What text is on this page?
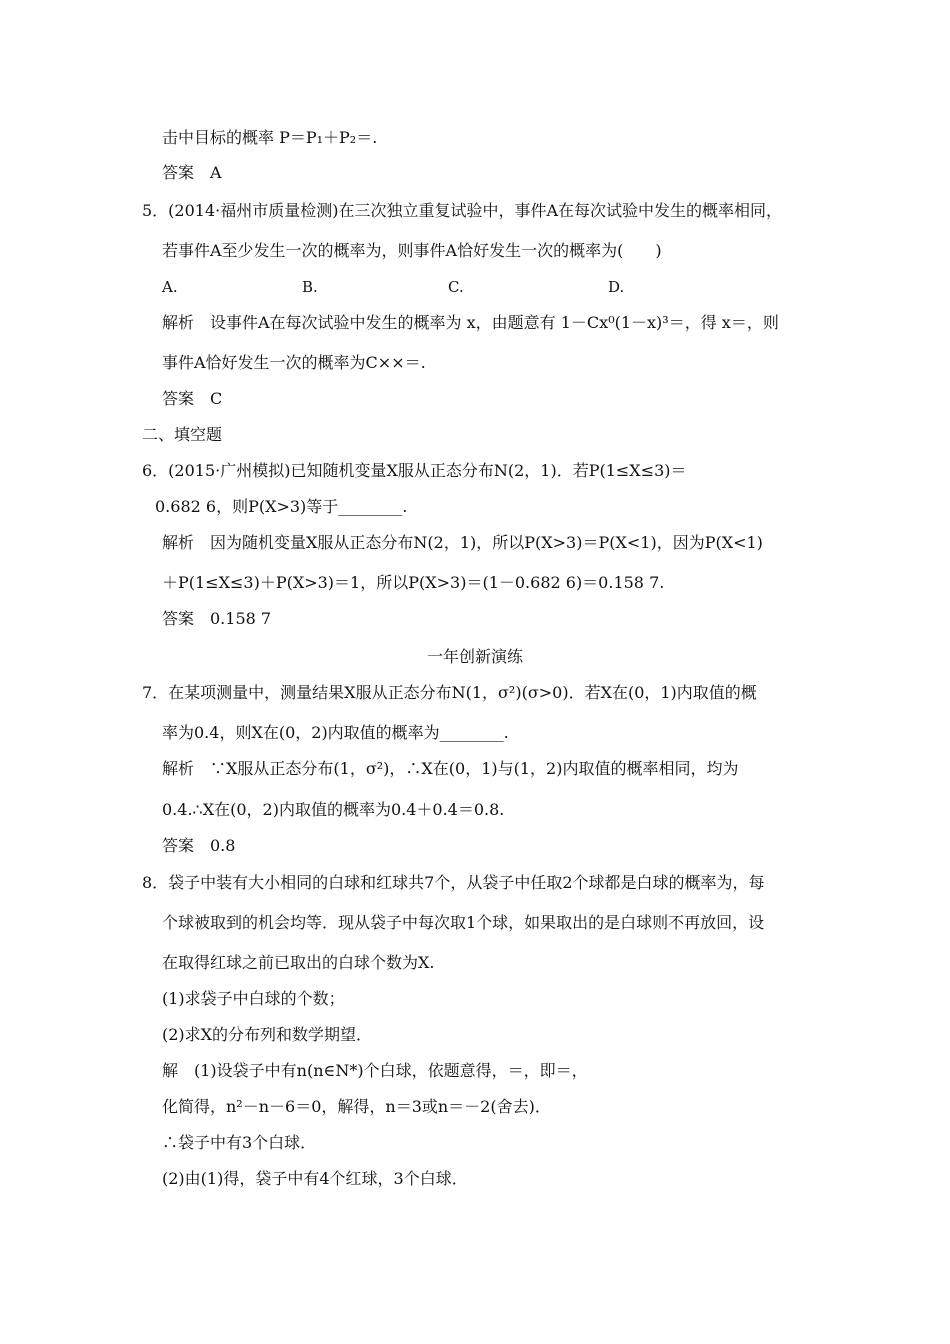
击中目标的概率 P＝P₁＋P₂＝.
答案　A
5．(2014·福州市质量检测)在三次独立重复试验中，事件A在每次试验中发生的概率相同，
若事件A至少发生一次的概率为，则事件A恰好发生一次的概率为(　　)
A.	B.	C.	D.
解析　设事件A在每次试验中发生的概率为 x，由题意有 1－Cx⁰(1－x)³＝，得 x＝，则
事件A恰好发生一次的概率为C××＝.
答案　C
二、填空题
6．(2015·广州模拟)已知随机变量X服从正态分布N(2，1)．若P(1≤X≤3)＝
0.682 6，则P(X>3)等于________.
解析　因为随机变量X服从正态分布N(2，1)，所以P(X>3)＝P(X<1)，因为P(X<1)
＋P(1≤X≤3)＋P(X>3)＝1，所以P(X>3)＝(1－0.682 6)＝0.158 7.
答案　0.158 7
一年创新演练
7．在某项测量中，测量结果X服从正态分布N(1，σ²)(σ>0)．若X在(0，1)内取值的概
率为0.4，则X在(0，2)内取值的概率为________.
解析　∵X服从正态分布(1，σ²)，∴X在(0，1)与(1，2)内取值的概率相同，均为
0.4.∴X在(0，2)内取值的概率为0.4＋0.4＝0.8.
答案　0.8
8．袋子中装有大小相同的白球和红球共7个，从袋子中任取2个球都是白球的概率为，每
个球被取到的机会均等．现从袋子中每次取1个球，如果取出的是白球则不再放回，设
在取得红球之前已取出的白球个数为X.
(1)求袋子中白球的个数；
(2)求X的分布列和数学期望．
解　(1)设袋子中有n(n∈N*)个白球，依题意得，＝，即＝，
化简得，n²－n－6＝0，解得，n＝3或n＝－2(舍去)．
∴袋子中有3个白球．
(2)由(1)得，袋子中有4个红球，3个白球．
